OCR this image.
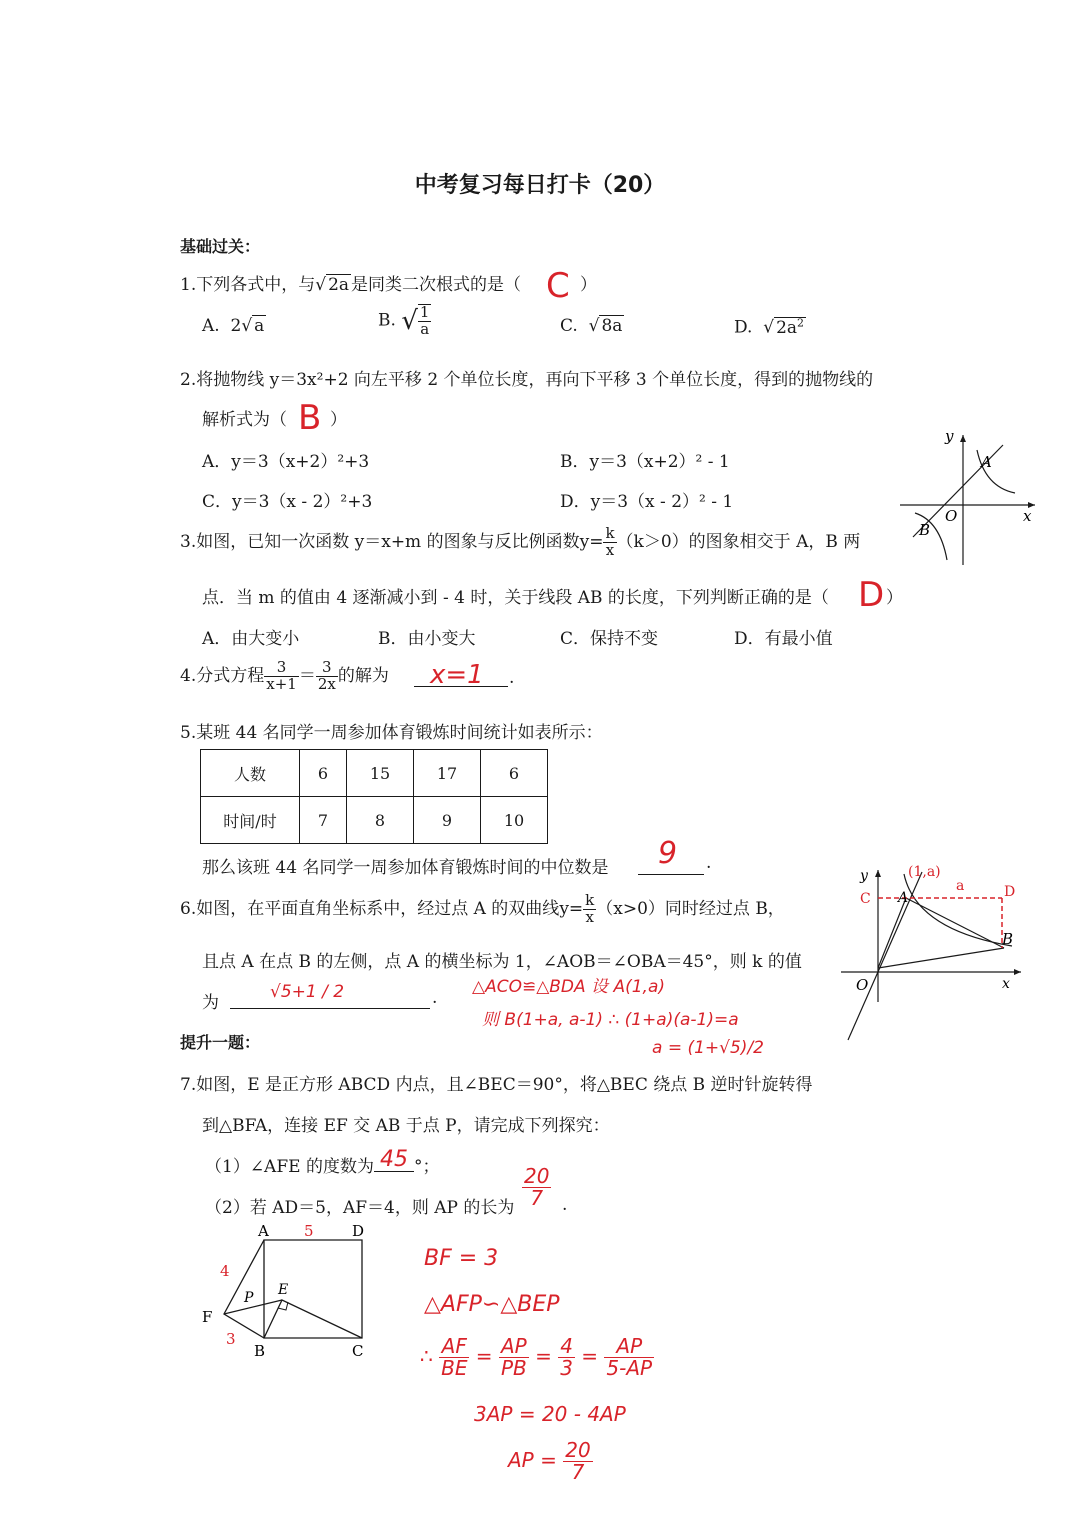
中考复习每日打卡（20）
基础过关：
1.下列各式中，与√ 2a 是同类二次根式的是（ C ）
A. 2√ a	B. √ $\frac{1}{a}$	C. √ 8a	D. √ $2a^2$
2.将抛物线 y＝3x²+2 向左平移 2 个单位长度，再向下平移 3 个单位长度，得到的抛物线的
解析式为（ B ）
A．y＝3（x+2）²+3	B．y＝3（x+2）² - 1
C．y＝3（x - 2）²+3	D．y＝3（x - 2）² - 1
y
x
A
B
O
3.如图，已知一次函数 y＝x+m 的图象与反比例函数$y= \frac{k}{x} (k>0)$的图象相交于 A，B 两
点．当 m 的值由 4 逐渐减小到 - 4 时，关于线段 AB 的长度，下列判断正确的是（ D ）
A．由大变小	B．由小变大	C．保持不变	D．有最小值
4.分式方程 $\frac{3}{x+1} = \frac{3}{2x}$ 的解为 x=1 .
5.某班 44 名同学一周参加体育锻炼时间统计如表所示：
人数	6	15	17	6
时间/时	7	8	9	10
那么该班 44 名同学一周参加体育锻炼时间的中位数是 9 .
y
x
O
A
B
C	D
(1,a)
a
6.如图，在平面直角坐标系中，经过点 A 的双曲线$y= \frac{k}{x} (x>0)$同时经过点 B，
且点 A 在点 B 的左侧，点 A 的横坐标为 1，∠AOB＝∠OBA＝45°，则 k 的值
为
√5+1 / 2	.
△ACO≌△BDA 设 A(1,a)
则 B(1+a, a-1) ∴ (1+a)(a-1)=a
a = (1+√5)/2
提升一题：
7.如图，E 是正方形 ABCD 内点，且∠BEC＝90°，将△BEC 绕点 B 逆时针旋转得
到△BFA，连接 EF 交 AB 于点 P，请完成下列探究：
（1）∠AFE 的度数为 45 °；
（2）若 AD＝5，AF＝4，则 AP 的长为 $\frac{20}{7}$ .
A	D
F
P E
B	C
5
4
3
BF = 3
△AFP∽△BEP
∴ $\frac{AF}{BE} = \frac{AP}{PB} = \frac{4}{3} = \frac{AP}{5-AP}$
3AP = 20 - 4AP
AP = $\frac{20}{7}$
